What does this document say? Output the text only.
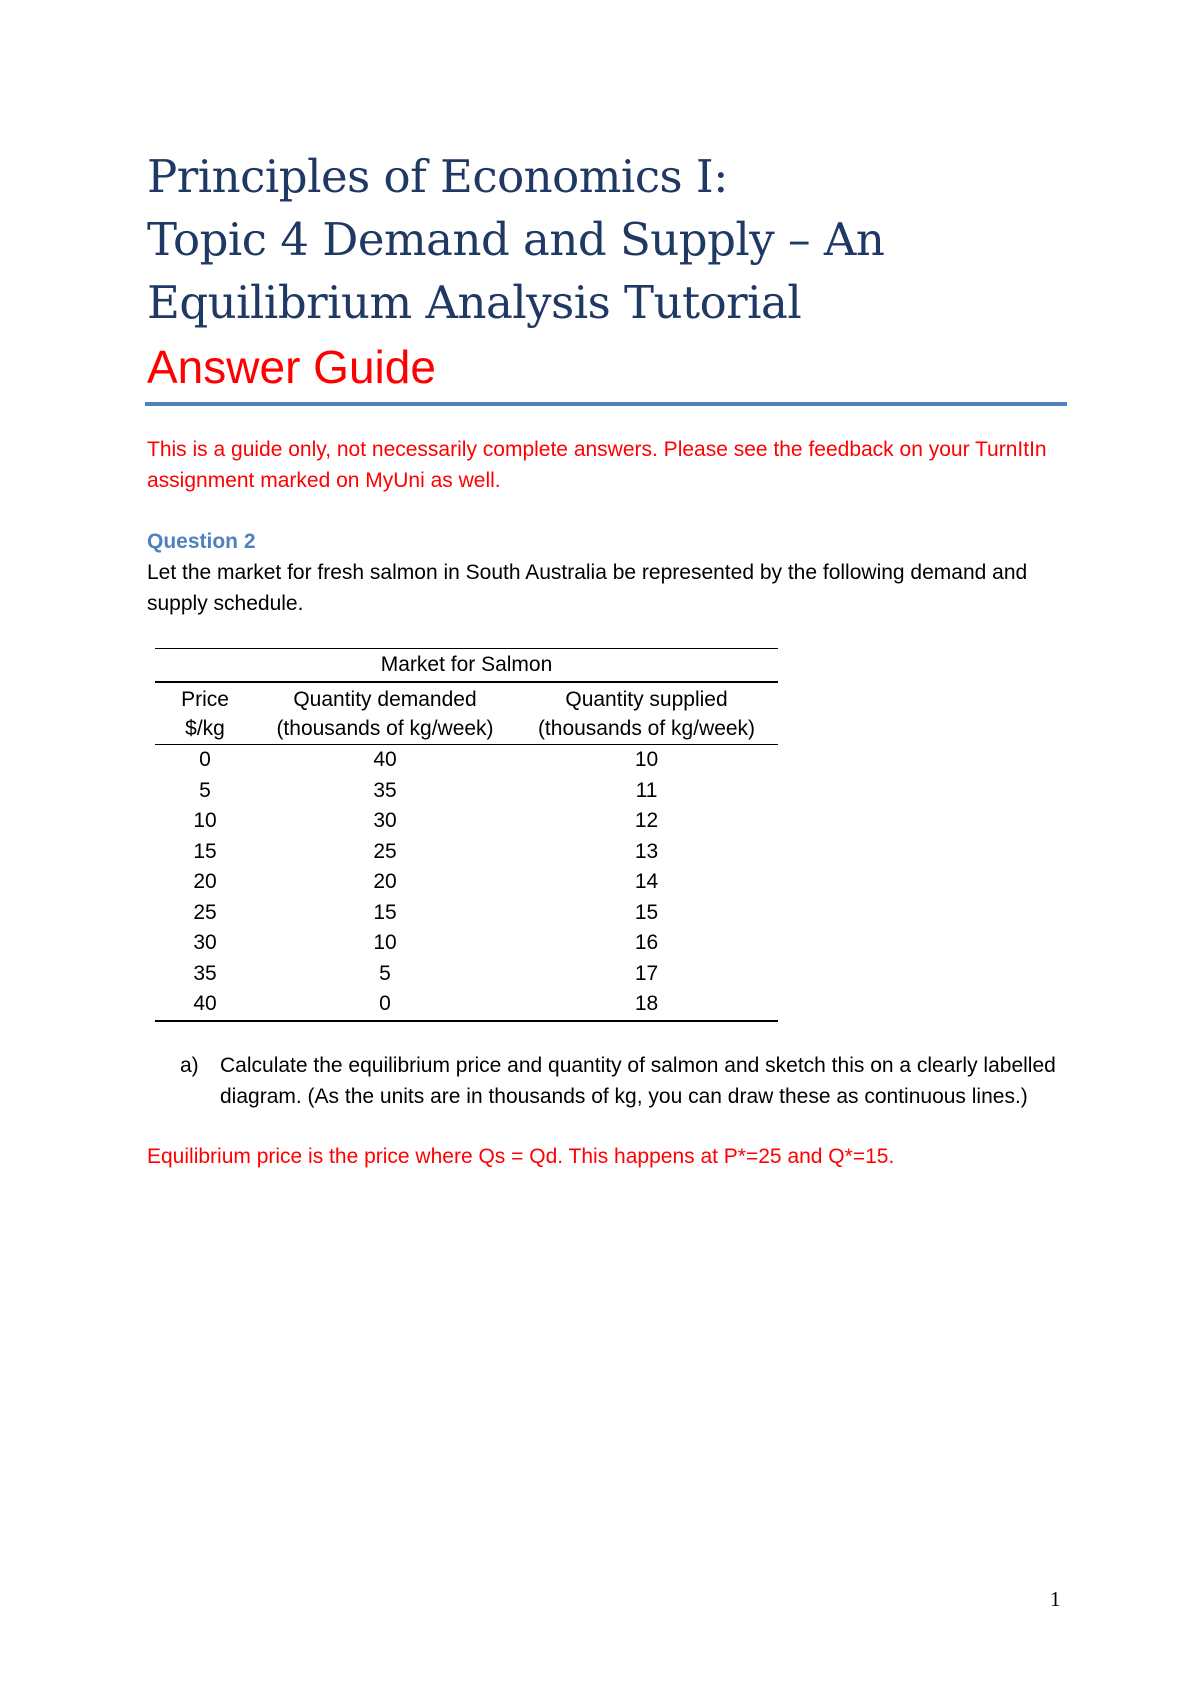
Principles of Economics I:
Topic 4 Demand and Supply – An
Equilibrium Analysis Tutorial
Answer Guide
This is a guide only, not necessarily complete answers. Please see the feedback on your TurnItIn assignment marked on MyUni as well.
Question 2
Let the market for fresh salmon in South Australia be represented by the following demand and supply schedule.
Market for Salmon		
Price	Quantity demanded	Quantity supplied
$/kg	(thousands of kg/week)	(thousands of kg/week)
0	40	10
5	35	11
10	30	12
15	25	13
20	20	14
25	15	15
30	10	16
35	5	17
40	0	18
a) Calculate the equilibrium price and quantity of salmon and sketch this on a clearly labelled diagram. (As the units are in thousands of kg, you can draw these as continuous lines.)
Equilibrium price is the price where Qs = Qd. This happens at P*=25 and Q*=15.
1
